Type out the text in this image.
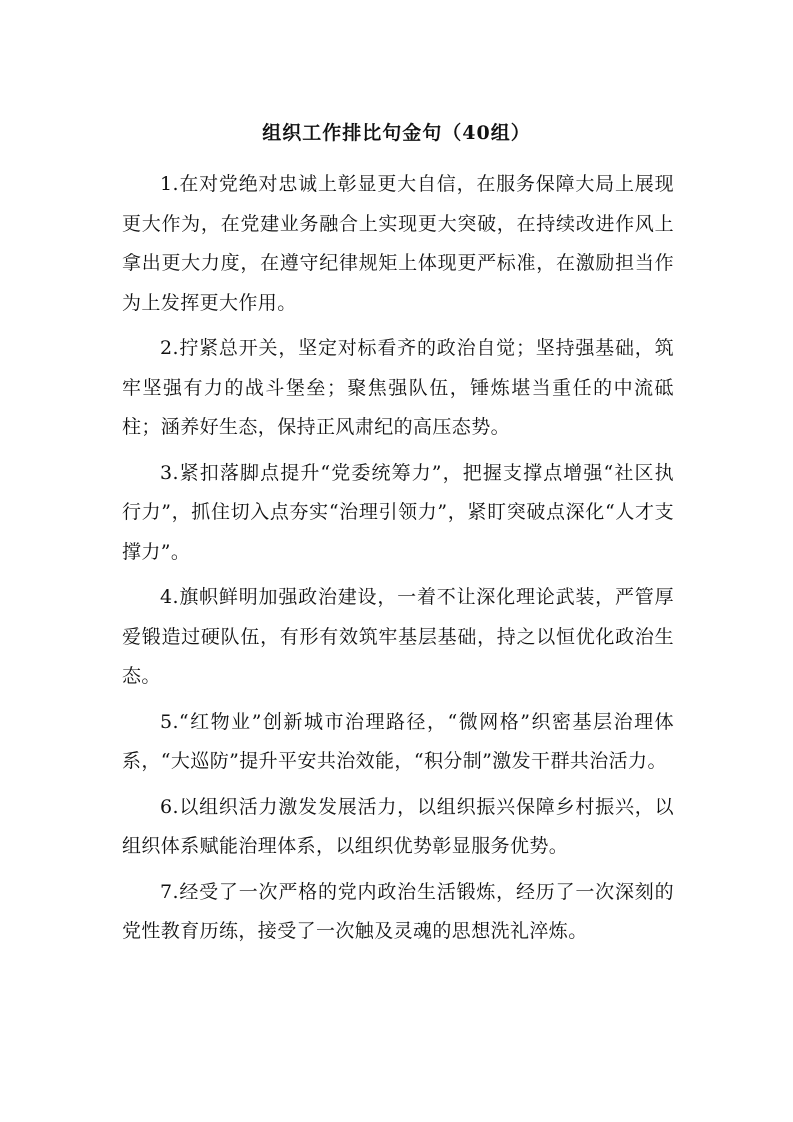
组织工作排比句金句（40组）

1.在对党绝对忠诚上彰显更大自信，在服务保障大局上展现更大作为，在党建业务融合上实现更大突破，在持续改进作风上拿出更大力度，在遵守纪律规矩上体现更严标准，在激励担当作为上发挥更大作用。

2.拧紧总开关，坚定对标看齐的政治自觉；坚持强基础，筑牢坚强有力的战斗堡垒；聚焦强队伍，锤炼堪当重任的中流砥柱；涵养好生态，保持正风肃纪的高压态势。

3.紧扣落脚点提升“党委统筹力”，把握支撑点增强“社区执行力”，抓住切入点夯实“治理引领力”，紧盯突破点深化“人才支撑力”。

4.旗帜鲜明加强政治建设，一着不让深化理论武装，严管厚爱锻造过硬队伍，有形有效筑牢基层基础，持之以恒优化政治生态。

5.“红物业”创新城市治理路径，“微网格”织密基层治理体系，“大巡防”提升平安共治效能，“积分制”激发干群共治活力。

6.以组织活力激发发展活力，以组织振兴保障乡村振兴，以组织体系赋能治理体系，以组织优势彰显服务优势。

7.经受了一次严格的党内政治生活锻炼，经历了一次深刻的党性教育历练，接受了一次触及灵魂的思想洗礼淬炼。
